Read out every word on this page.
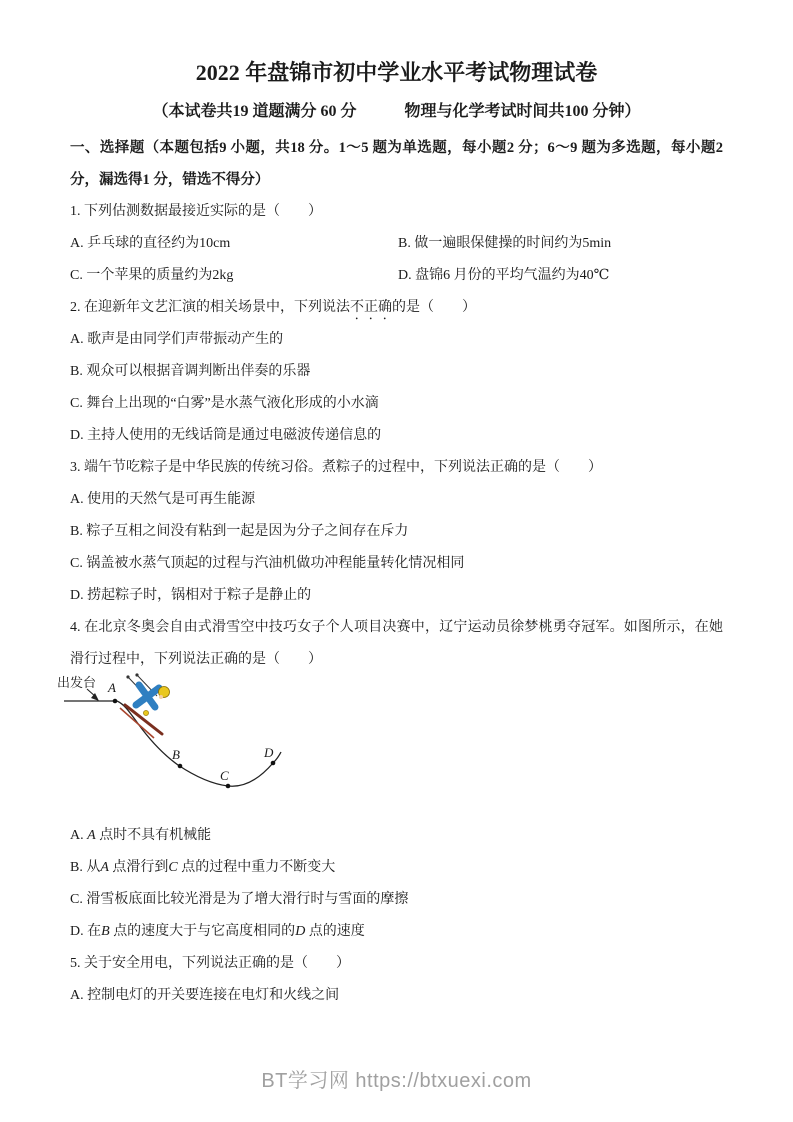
2022 年盘锦市初中学业水平考试物理试卷
（本试卷共19 道题满分 60 分　　　物理与化学考试时间共100 分钟）
一、选择题（本题包括9 小题，共18 分。1～5 题为单选题，每小题2 分；6～9 题为多选题，每小题2 分，漏选得1 分，错选不得分）

1. 下列估测数据最接近实际的是（　　）

A. 乒乓球的直径约为10cm	B. 做一遍眼保健操的时间约为5min
C. 一个苹果的质量约为2kg	D. 盘锦6 月份的平均气温约为40℃

2. 在迎新年文艺汇演的相关场景中，下列说法不正确的是（　　）

A. 歌声是由同学们声带振动产生的

B. 观众可以根据音调判断出伴奏的乐器

C. 舞台上出现的“白雾”是水蒸气液化形成的小水滴

D. 主持人使用的无线话筒是通过电磁波传递信息的

3. 端午节吃粽子是中华民族的传统习俗。煮粽子的过程中，下列说法正确的是（　　）

A. 使用的天然气是可再生能源

B. 粽子互相之间没有粘到一起是因为分子之间存在斥力

C. 锅盖被水蒸气顶起的过程与汽油机做功冲程能量转化情况相同

D. 捞起粽子时，锅相对于粽子是静止的

4. 在北京冬奥会自由式滑雪空中技巧女子个人项目决赛中，辽宁运动员徐梦桃勇夺冠军。如图所示，在她滑行过程中，下列说法正确的是（　　）

出发台 A
B
C
D

A. A 点时不具有机械能

B. 从A 点滑行到C 点的过程中重力不断变大

C. 滑雪板底面比较光滑是为了增大滑行时与雪面的摩擦

D. 在B 点的速度大于与它高度相同的D 点的速度

5. 关于安全用电，下列说法正确的是（　　）

A. 控制电灯的开关要连接在电灯和火线之间

BT学习网 https://btxuexi.com
